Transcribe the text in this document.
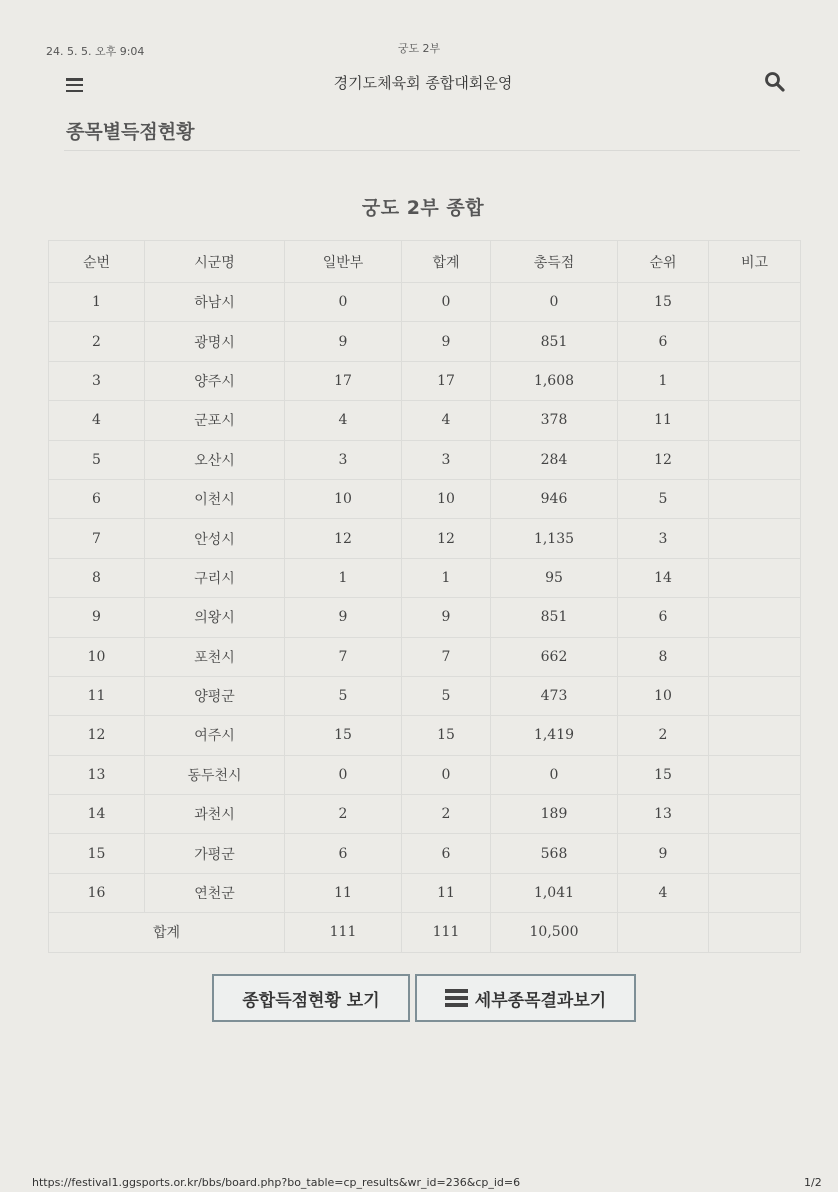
24. 5. 5. 오후 9:04	궁도 2부
경기도체육회 종합대회운영
종목별득점현황
궁도 2부 종합
순번	시군명	일반부	합계	총득점	순위	비고
1	하남시	0	0	0	15	
2	광명시	9	9	851	6	
3	양주시	17	17	1,608	1	
4	군포시	4	4	378	11	
5	오산시	3	3	284	12	
6	이천시	10	10	946	5	
7	안성시	12	12	1,135	3	
8	구리시	1	1	95	14	
9	의왕시	9	9	851	6	
10	포천시	7	7	662	8	
11	양평군	5	5	473	10	
12	여주시	15	15	1,419	2	
13	동두천시	0	0	0	15	
14	과천시	2	2	189	13	
15	가평군	6	6	568	9	
16	연천군	11	11	1,041	4	
합계		111	111	10,500		
종합득점현황 보기	세부종목결과보기
https://festival1.ggsports.or.kr/bbs/board.php?bo_table=cp_results&wr_id=236&cp_id=6	1/2
